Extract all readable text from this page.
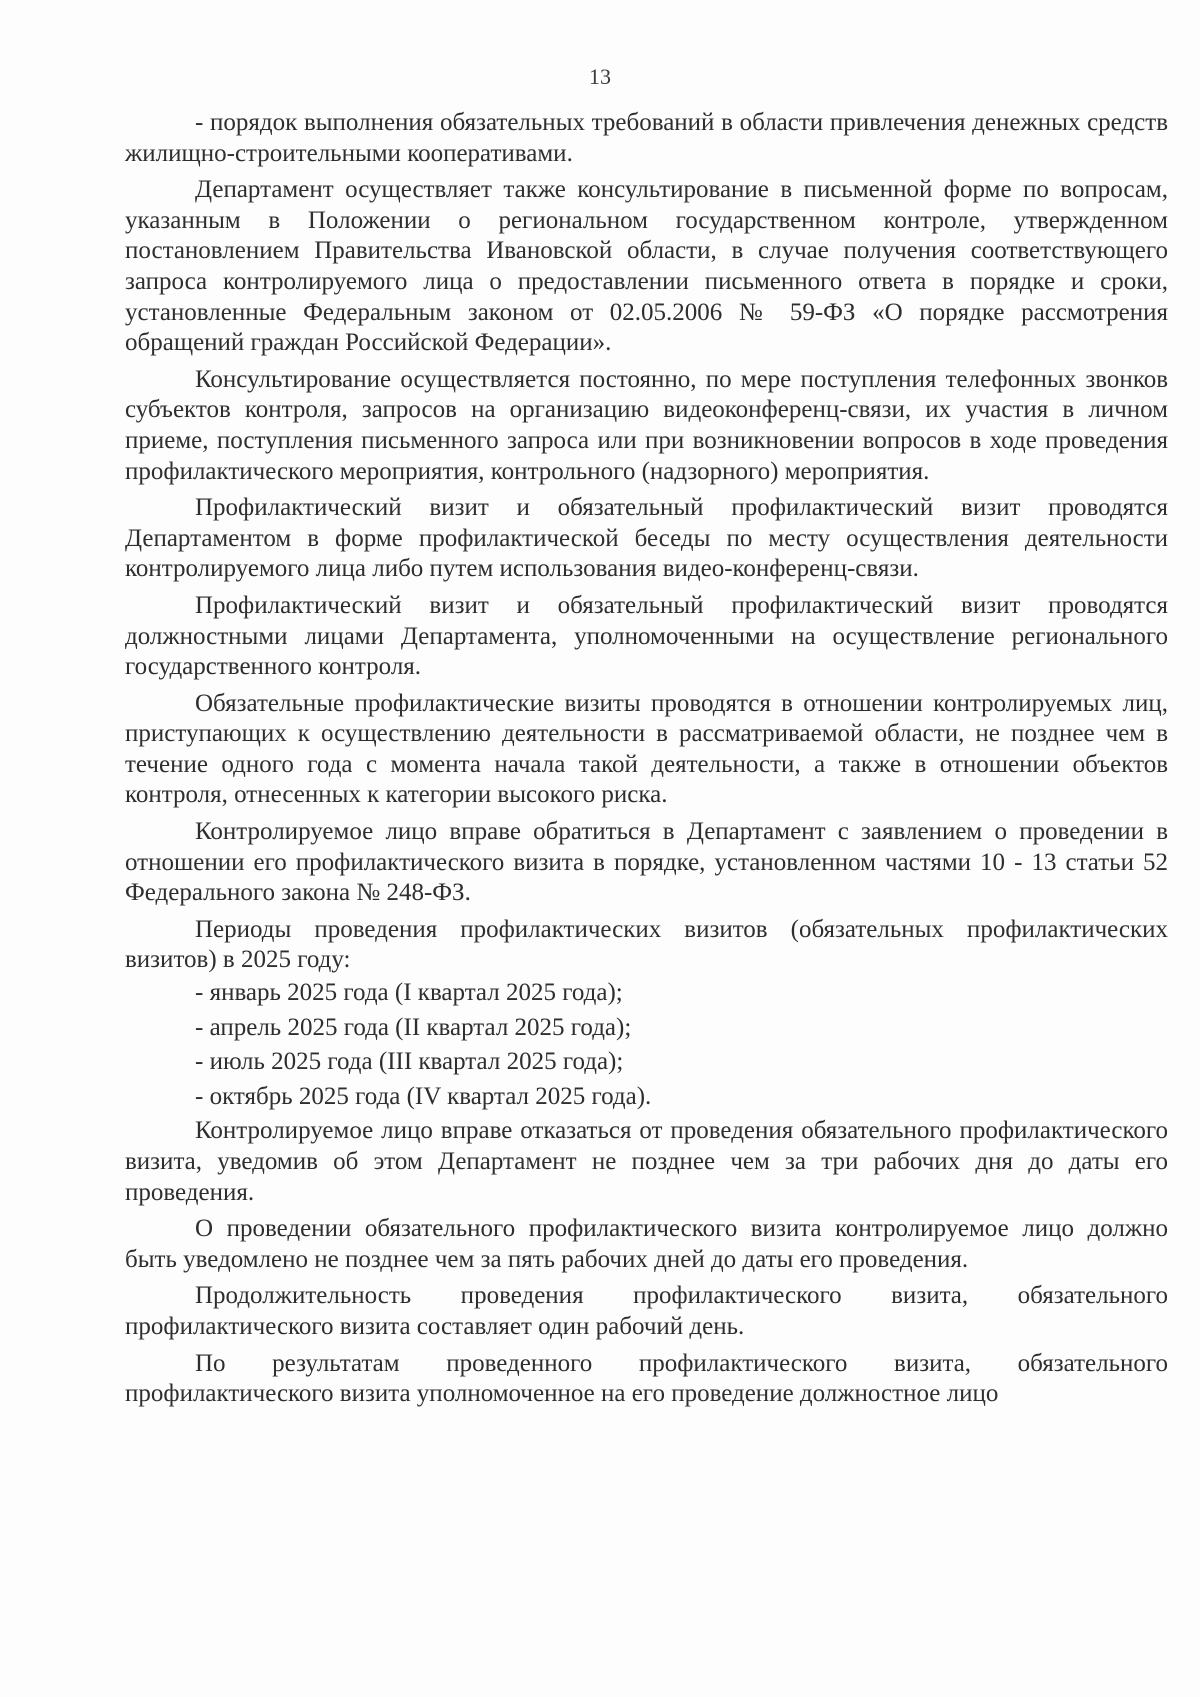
13

- порядок выполнения обязательных требований в области привлечения денежных средств жилищно-строительными кооперативами.

Департамент осуществляет также консультирование в письменной форме по вопросам, указанным в Положении о региональном государственном контроле, утвержденном постановлением Правительства Ивановской области, в случае получения соответствующего запроса контролируемого лица о предоставлении письменного ответа в порядке и сроки, установленные Федеральным законом от 02.05.2006 № 59-ФЗ «О порядке рассмотрения обращений граждан Российской Федерации».

Консультирование осуществляется постоянно, по мере поступления телефонных звонков субъектов контроля, запросов на организацию видеоконференц-связи, их участия в личном приеме, поступления письменного запроса или при возникновении вопросов в ходе проведения профилактического мероприятия, контрольного (надзорного) мероприятия.

Профилактический визит и обязательный профилактический визит проводятся Департаментом в форме профилактической беседы по месту осуществления деятельности контролируемого лица либо путем использования видео-конференц-связи.

Профилактический визит и обязательный профилактический визит проводятся должностными лицами Департамента, уполномоченными на осуществление регионального государственного контроля.

Обязательные профилактические визиты проводятся в отношении контролируемых лиц, приступающих к осуществлению деятельности в рассматриваемой области, не позднее чем в течение одного года с момента начала такой деятельности, а также в отношении объектов контроля, отнесенных к категории высокого риска.

Контролируемое лицо вправе обратиться в Департамент с заявлением о проведении в отношении его профилактического визита в порядке, установленном частями 10 - 13 статьи 52 Федерального закона № 248-ФЗ.

Периоды проведения профилактических визитов (обязательных профилактических визитов) в 2025 году:

- январь 2025 года (I квартал 2025 года);

- апрель 2025 года (II квартал 2025 года);

- июль 2025 года (III квартал 2025 года);

- октябрь 2025 года (IV квартал 2025 года).

Контролируемое лицо вправе отказаться от проведения обязательного профилактического визита, уведомив об этом Департамент не позднее чем за три рабочих дня до даты его проведения.

О проведении обязательного профилактического визита контролируемое лицо должно быть уведомлено не позднее чем за пять рабочих дней до даты его проведения.

Продолжительность проведения профилактического визита, обязательного профилактического визита составляет один рабочий день.

По результатам проведенного профилактического визита, обязательного профилактического визита уполномоченное на его проведение должностное лицо
